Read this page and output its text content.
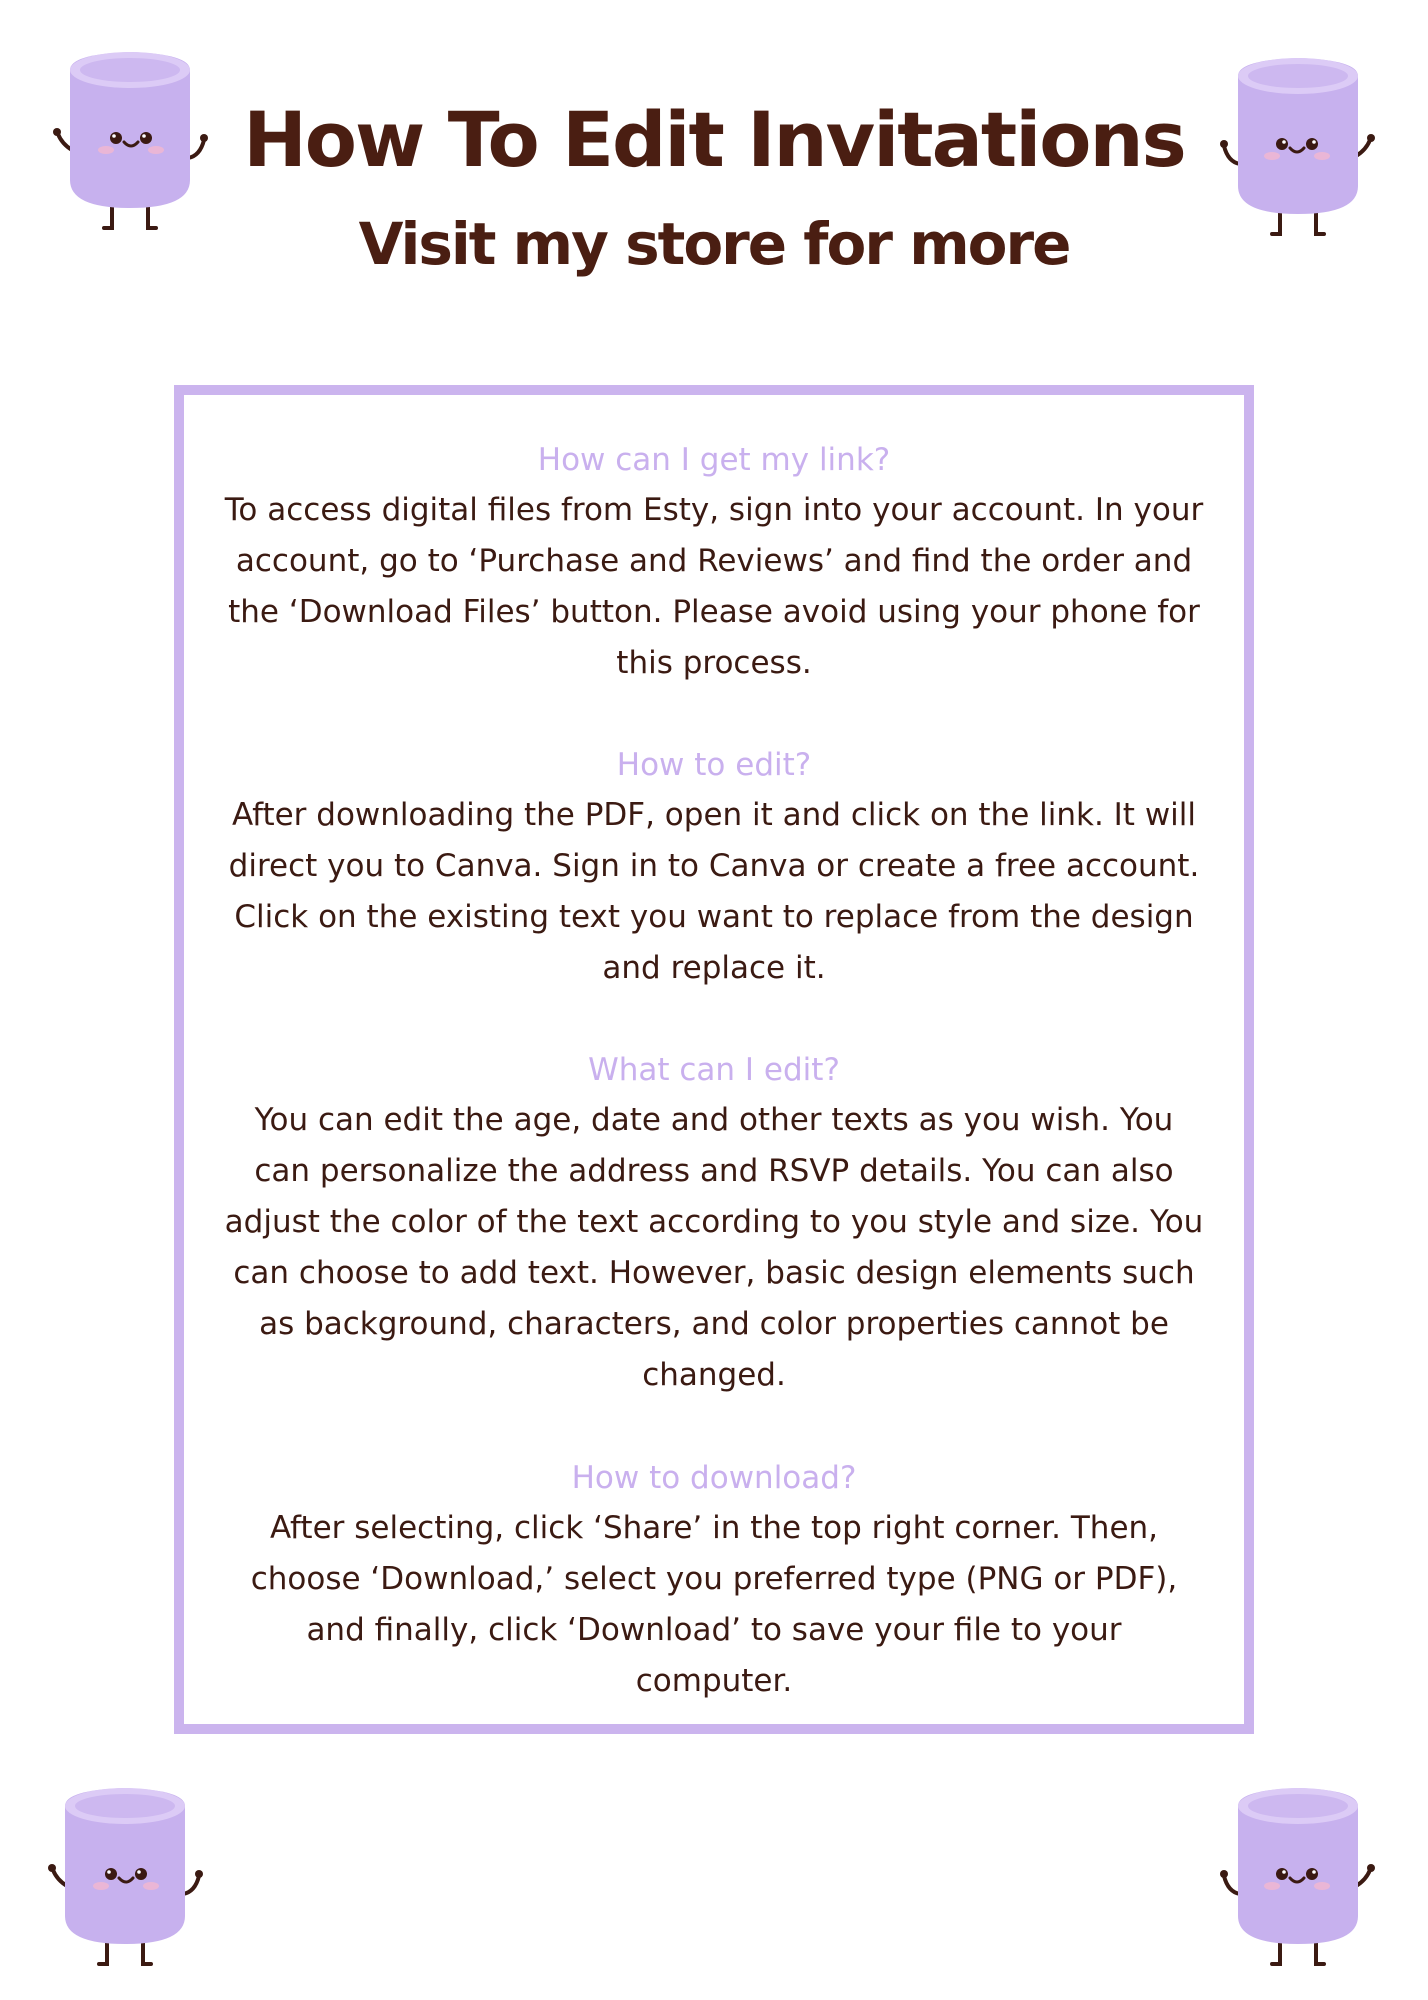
How To Edit Invitations
Visit my store for more
How can I get my link?
To access digital files from Esty, sign into your account. In your account, go to ‘Purchase and Reviews’ and find the order and the ‘Download Files’ button. Please avoid using your phone for this process.
How to edit?
After downloading the PDF, open it and click on the link. It will direct you to Canva. Sign in to Canva or create a free account. Click on the existing text you want to replace from the design and replace it.
What can I edit?
You can edit the age, date and other texts as you wish. You can personalize the address and RSVP details. You can also adjust the color of the text according to you style and size. You can choose to add text. However, basic design elements such as background, characters, and color properties cannot be changed.
How to download?
After selecting, click ‘Share’ in the top right corner. Then, choose ‘Download,’ select you preferred type (PNG or PDF), and finally, click ‘Download’ to save your file to your computer.
